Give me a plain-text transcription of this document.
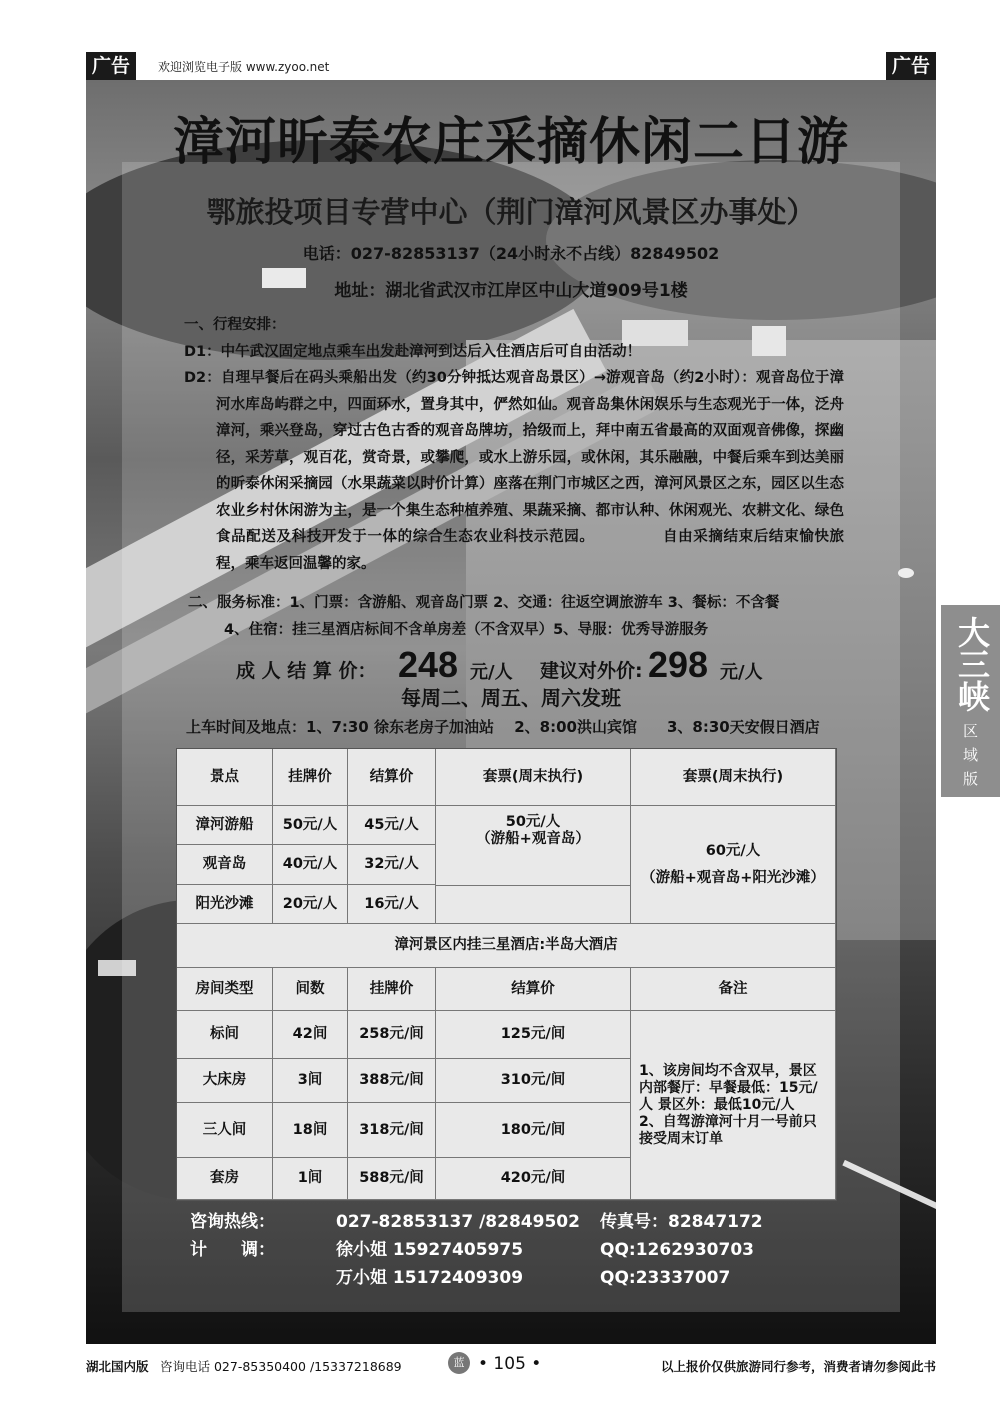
广告	欢迎浏览电子版 www.zyoo.net	广告
漳河昕泰农庄采摘休闲二日游
鄂旅投项目专营中心（荆门漳河风景区办事处）
电话：027-82853137（24小时永不占线）82849502
地址：湖北省武汉市江岸区中山大道909号1楼
一、行程安排：
D1：中午武汉固定地点乘车出发赴漳河到达后入住酒店后可自由活动！
D2：自理早餐后在码头乘船出发（约30分钟抵达观音岛景区）→游观音岛（约2小时）：观音岛位于漳河水库岛屿群之中，四面环水，置身其中，俨然如仙。观音岛集休闲娱乐与生态观光于一体，泛舟漳河，乘兴登岛，穿过古色古香的观音岛牌坊，拾级而上，拜中南五省最高的双面观音佛像，探幽径，采芳草，观百花，赏奇景，或攀爬，或水上游乐园，或休闲，其乐融融，中餐后乘车到达美丽的昕泰休闲采摘园（水果蔬菜以时价计算）座落在荆门市城区之西，漳河风景区之东，园区以生态农业乡村休闲游为主，是一个集生态种植养殖、果蔬采摘、都市认种、休闲观光、农耕文化、绿色食品配送及科技开发于一体的综合生态农业科技示范园。　　　　　自由采摘结束后结束愉快旅程，乘车返回温馨的家。
二、服务标准：1、门票：含游船、观音岛门票 2、交通：往返空调旅游车 3、餐标：不含餐
4、住宿：挂三星酒店标间不含单房差（不含双早）5、导服：优秀导游服务
成 人 结 算 价： 248 元/人 建议对外价: 298 元/人
每周二、周五、周六发班
上车时间及地点：1、7:30 徐东老房子加油站　 2、8:00洪山宾馆　　3、8:30天安假日酒店
景点	挂牌价	结算价	套票(周末执行)	套票(周末执行)
漳河游船	50元/人	45元/人
观音岛	40元/人	32元/人
阳光沙滩	20元/人	16元/人
50元/人
（游船+观音岛）
60元/人
（游船+观音岛+阳光沙滩）
漳河景区内挂三星酒店:半岛大酒店
房间类型	间数	挂牌价	结算价	备注
标间	42间	258元/间	125元/间
大床房	3间	388元/间	310元/间
三人间	18间	318元/间	180元/间
套房	1间	588元/间	420元/间
1、该房间均不含双早，景区内部餐厅：早餐最低：15元/人 景区外：最低10元/人
2、自驾游漳河十月一号前只接受周末订单
咨询热线：	027-82853137 /82849502 传真号：82847172
计　　调：	徐小姐 15927405975	QQ:1262930703
万小姐 15172409309	QQ:23337007
大三峡
区
域
版
湖北国内版 咨询电话 027-85350400 /15337218689	蓝 • 105 •	以上报价仅供旅游同行参考，消费者请勿参阅此书
